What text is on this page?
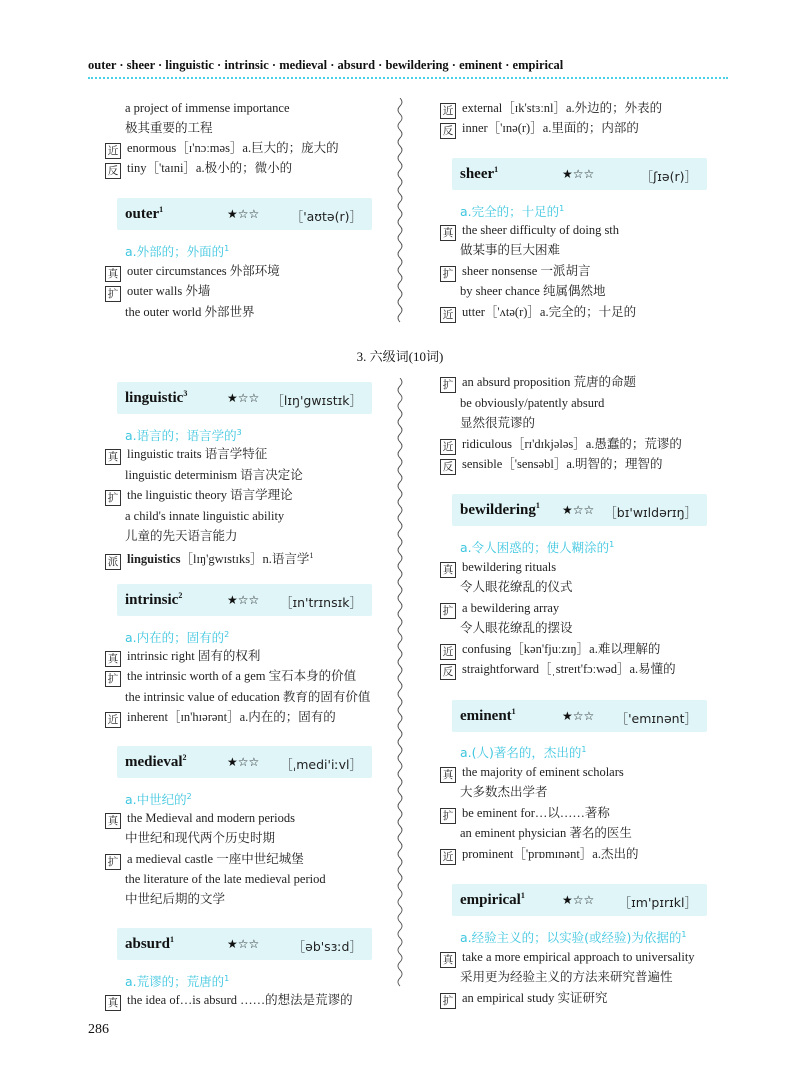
outer · sheer · linguistic · intrinsic · medieval · absurd · bewildering · eminent · empirical
a project of immense importance
极其重要的工程
近 enormous［ɪ'nɔːməs］a.巨大的；庞大的
反 tiny［'taɪni］a.极小的；微小的
outer$^1$	★☆☆	［'aʊtə(r)］
a.外部的；外面的$^1$
真 outer circumstances 外部环境
扩 outer walls 外墙
the outer world 外部世界
近 external［ɪk'stɜːnl］a.外边的；外表的
反 inner［'ɪnə(r)］a.里面的；内部的
sheer$^1$	★☆☆	［ʃɪə(r)］
a.完全的；十足的$^1$
真 the sheer difficulty of doing sth
做某事的巨大困难
扩 sheer nonsense 一派胡言
by sheer chance 纯属偶然地
近 utter［'ʌtə(r)］a.完全的；十足的
3. 六级词(10词)
linguistic$^3$	★☆☆ ［lɪŋ'gwɪstɪk］
a.语言的；语言学的$^3$
真 linguistic traits 语言学特征
linguistic determinism 语言决定论
扩 the linguistic theory 语言学理论
a child's innate linguistic ability
儿童的先天语言能力
派 linguistics［lɪŋ'gwɪstɪks］n.语言学$^1$
intrinsic$^2$	★☆☆ ［ɪn'trɪnsɪk］
a.内在的；固有的$^2$
真 intrinsic right 固有的权利
扩 the intrinsic worth of a gem 宝石本身的价值
the intrinsic value of education 教育的固有价值
近 inherent［ɪn'hɪərənt］a.内在的；固有的
medieval$^2$	★☆☆ ［ˌmedi'iːvl］
a.中世纪的$^2$
真 the Medieval and modern periods
中世纪和现代两个历史时期
扩 a medieval castle 一座中世纪城堡
the literature of the late medieval period
中世纪后期的文学
absurd$^1$	★☆☆	［əb'sɜːd］
a.荒谬的；荒唐的$^1$
真 the idea of…is absurd ……的想法是荒谬的
扩 an absurd proposition 荒唐的命题
be obviously/patently absurd
显然很荒谬的
近 ridiculous［rɪ'dɪkjələs］a.愚蠢的；荒谬的
反 sensible［'sensəbl］a.明智的；理智的
bewildering$^1$ ★☆☆ ［bɪ'wɪldərɪŋ］
a.令人困惑的；使人糊涂的$^1$
真 bewildering rituals
令人眼花缭乱的仪式
扩 a bewildering array
令人眼花缭乱的摆设
近 confusing［kən'fjuːzɪŋ］a.难以理解的
反 straightforward［ˌstreɪt'fɔːwəd］a.易懂的
eminent$^1$	★☆☆ ［'emɪnənt］
a.(人)著名的，杰出的$^1$
真 the majority of eminent scholars
大多数杰出学者
扩 be eminent for…以……著称
an eminent physician 著名的医生
近 prominent［'prɒmɪnənt］a.杰出的
empirical$^1$	★☆☆ ［ɪm'pɪrɪkl］
a.经验主义的；以实验(或经验)为依据的$^1$
真 take a more empirical approach to universality
采用更为经验主义的方法来研究普遍性
扩 an empirical study 实证研究
286
